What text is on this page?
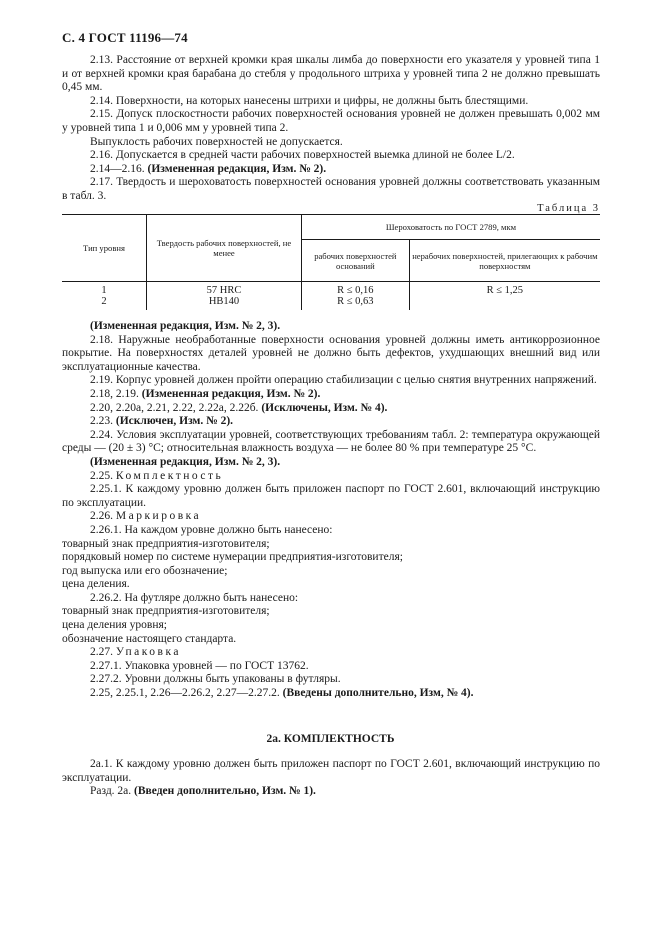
С. 4 ГОСТ 11196—74

2.13. Расстояние от верхней кромки края шкалы лимба до поверхности его указателя у уровней типа 1 и от верхней кромки края барабана до стебля у продольного штриха у уровней типа 2 не должно превышать 0,45 мм.

2.14. Поверхности, на которых нанесены штрихи и цифры, не должны быть блестящими.

2.15. Допуск плоскостности рабочих поверхностей основания уровней не должен превышать 0,002 мм у уровней типа 1 и 0,006 мм у уровней типа 2.

Выпуклость рабочих поверхностей не допускается.

2.16. Допускается в средней части рабочих поверхностей выемка длиной не более L/2.

2.14—2.16. (Измененная редакция, Изм. № 2).

2.17. Твердость и шероховатость поверхностей основания уровней должны соответствовать указанным в табл. 3.

Таблица 3
Тип уровня	Твердость рабочих поверхностей, не менее	Шероховатость по ГОСТ 2789, мкм	
		рабочих поверхностей оснований	нерабочих поверхностей, прилегающих к рабочим поверхностям
1	57 HRC	R ≤ 0,16	R ≤ 1,25
2	HB140	R ≤ 0,63	

(Измененная редакция, Изм. № 2, 3).

2.18. Наружные необработанные поверхности основания уровней должны иметь антикоррозионное покрытие. На поверхностях деталей уровней не должно быть дефектов, ухудшающих внешний вид или эксплуатационные качества.

2.19. Корпус уровней должен пройти операцию стабилизации с целью снятия внутренних напряжений.

2.18, 2.19. (Измененная редакция, Изм. № 2).

2.20, 2.20а, 2.21, 2.22, 2.22а, 2.22б. (Исключены, Изм. № 4).

2.23. (Исключен, Изм. № 2).

2.24. Условия эксплуатации уровней, соответствующих требованиям табл. 2: температура окружающей среды — (20 ± 3) °С; относительная влажность воздуха — не более 80 % при температуре 25 °С.

(Измененная редакция, Изм. № 2, 3).

2.25. Комплектность

2.25.1. К каждому уровню должен быть приложен паспорт по ГОСТ 2.601, включающий инструкцию по эксплуатации.

2.26. Маркировка

2.26.1. На каждом уровне должно быть нанесено:

товарный знак предприятия-изготовителя;

порядковый номер по системе нумерации предприятия-изготовителя;

год выпуска или его обозначение;

цена деления.

2.26.2. На футляре должно быть нанесено:

товарный знак предприятия-изготовителя;

цена деления уровня;

обозначение настоящего стандарта.

2.27. Упаковка

2.27.1. Упаковка уровней — по ГОСТ 13762.

2.27.2. Уровни должны быть упакованы в футляры.

2.25, 2.25.1, 2.26—2.26.2, 2.27—2.27.2. (Введены дополнительно, Изм, № 4).

2а. КОМПЛЕКТНОСТЬ

2а.1. К каждому уровню должен быть приложен паспорт по ГОСТ 2.601, включающий инструкцию по эксплуатации.

Разд. 2а. (Введен дополнительно, Изм. № 1).
